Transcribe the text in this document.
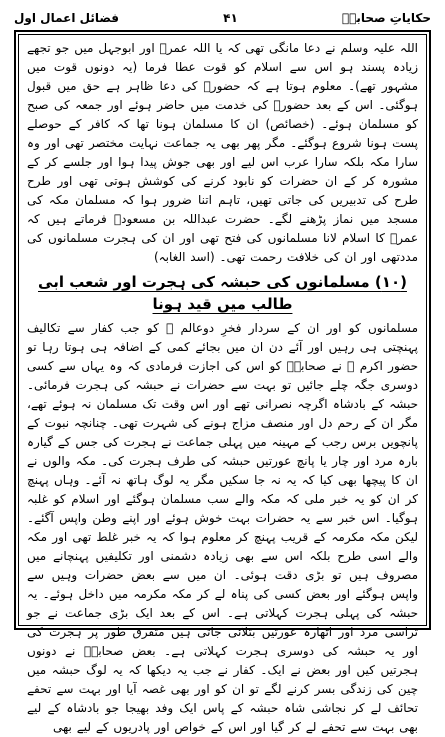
فضائل اعمال اول	۴۱	حکایاتِ صحابہؓ

اللہ علیہ وسلم نے دعا مانگی تھی کہ یا اللہ عمرؓ اور ابوجہل میں جو تجھے زیادہ پسند ہو اس سے اسلام کو قوت عطا فرما (یہ دونوں قوت میں مشہور تھے)۔ معلوم ہوتا ہے کہ حضورؐ کی دعا ظاہر ہے حق میں قبول ہوگئی۔ اس کے بعد حضورؐ کی خدمت میں حاضر ہوئے اور جمعہ کی صبح کو مسلمان ہوئے۔ (خصائص) ان کا مسلمان ہونا تھا کہ کافر کے حوصلے پست ہونا شروع ہوگئے۔ مگر پھر بھی یہ جماعت نہایت مختصر تھی اور وہ سارا مکہ بلکہ سارا عرب اس لیے اور بھی جوش پیدا ہوا اور جلسے کر کے مشورہ کر کے ان حضرات کو نابود کرنے کی کوشش ہوتی تھی اور طرح طرح کی تدبیریں کی جاتی تھیں، تاہم اتنا ضرور ہوا کہ مسلمان مکہ کی مسجد میں نماز پڑھنے لگے۔ حضرت عبداللہ بن مسعودؓ فرماتے ہیں کہ عمرؓ کا اسلام لانا مسلمانوں کی فتح تھی اور ان کی ہجرت مسلمانوں کی مددتھی اور ان کی خلافت رحمت تھی۔ (اسد الغابہ)

(۱۰) مسلمانوں کی حبشہ کی ہجرت اور شعب ابی طالب میں قید ہونا

مسلمانوں کو اور ان کے سردار فخرِ دوعالم ﷺ کو جب کفار سے تکالیف پہنچتی ہی رہیں اور آئے دن ان میں بجائے کمی کے اضافہ ہی ہوتا رہا تو حضور اکرم ﷺ نے صحابہؓ کو اس کی اجازت فرمادی کہ وہ یہاں سے کسی دوسری جگہ چلے جائیں تو بہت سے حضرات نے حبشہ کی ہجرت فرمائی۔ حبشہ کے بادشاہ اگرچہ نصرانی تھے اور اس وقت تک مسلمان نہ ہوئے تھے، مگر ان کے رحم دل اور منصف مزاج ہونے کی شہرت تھی۔ چنانچہ نبوت کے پانچویں برس رجب کے مہینہ میں پہلی جماعت نے ہجرت کی جس کے گیارہ بارہ مرد اور چار یا پانچ عورتیں حبشہ کی طرف ہجرت کی۔ مکہ والوں نے ان کا پیچھا بھی کیا کہ یہ نہ جا سکیں مگر یہ لوگ ہاتھ نہ آئے۔ وہاں پہنچ کر ان کو یہ خبر ملی کہ مکہ والے سب مسلمان ہوگئے اور اسلام کو غلبہ ہوگیا۔ اس خبر سے یہ حضرات بہت خوش ہوئے اور اپنے وطن واپس آگئے۔ لیکن مکہ مکرمہ کے قریب پہنچ کر معلوم ہوا کہ یہ خبر غلط تھی اور مکہ والے اسی طرح بلکہ اس سے بھی زیادہ دشمنی اور تکلیفیں پہنچانے میں مصروف ہیں تو بڑی دقت ہوئی۔ ان میں سے بعض حضرات وہیں سے واپس ہوگئے اور بعض کسی کی پناہ لے کر مکہ مکرمہ میں داخل ہوئے۔ یہ حبشہ کی پہلی ہجرت کہلاتی ہے۔ اس کے بعد ایک بڑی جماعت نے جو تراسی مرد اور اٹھارہ عورتیں بتلائی جاتی ہیں متفرق طور پر ہجرت کی اور یہ حبشہ کی دوسری ہجرت کہلاتی ہے۔ بعض صحابہؓ نے دونوں ہجرتیں کیں اور بعض نے ایک۔ کفار نے جب یہ دیکھا کہ یہ لوگ حبشہ میں چین کی زندگی بسر کرنے لگے تو ان کو اور بھی غصہ آیا اور بہت سے تحفے تحائف لے کر نجاشی شاہ حبشہ کے پاس ایک وفد بھیجا جو بادشاہ کے لیے بھی بہت سے تحفے لے کر گیا اور اس کے خواص اور پادریوں کے لیے بھی
